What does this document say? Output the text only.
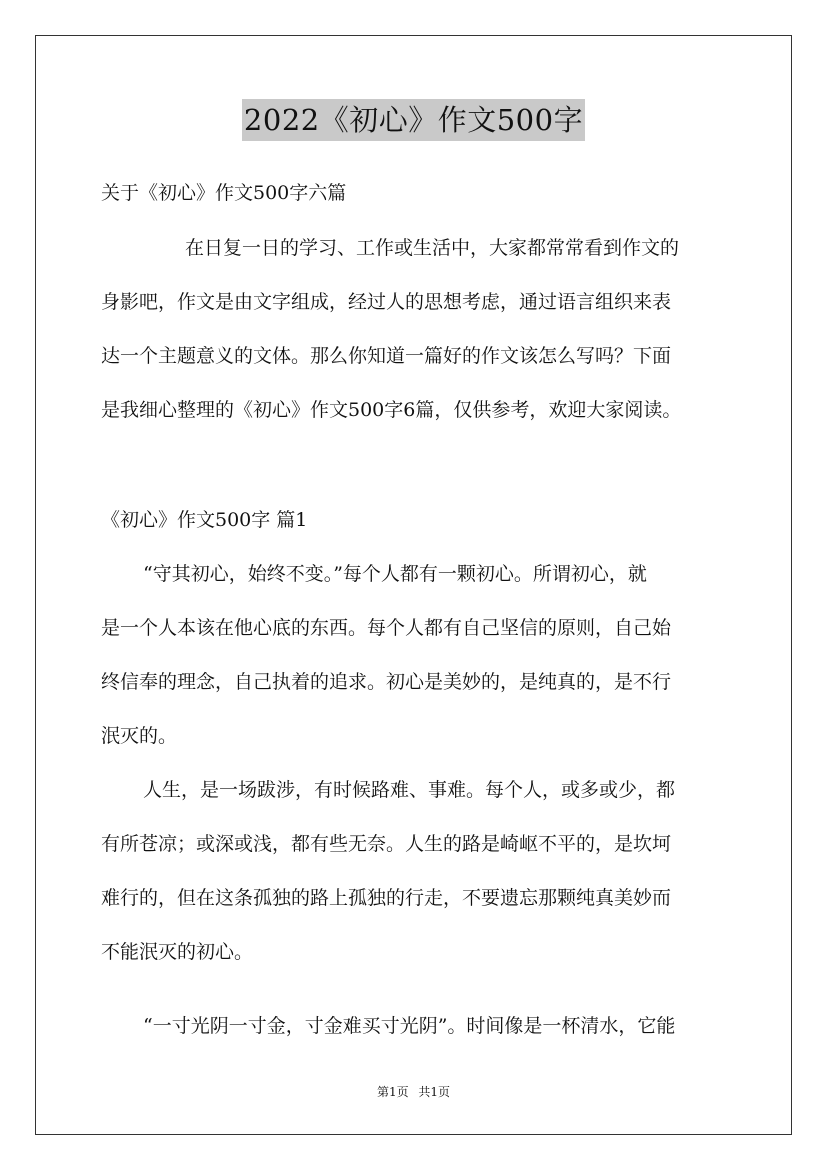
2022《初心》作文500字
关于《初心》作文500字六篇
在日复一日的学习、工作或生活中，大家都常常看到作文的
身影吧，作文是由文字组成，经过人的思想考虑，通过语言组织来表
达一个主题意义的文体。那么你知道一篇好的作文该怎么写吗？下面
是我细心整理的《初心》作文500字6篇，仅供参考，欢迎大家阅读。
《初心》作文500字 篇1
“守其初心，始终不变。”每个人都有一颗初心。所谓初心，就
是一个人本该在他心底的东西。每个人都有自己坚信的原则，自己始
终信奉的理念，自己执着的追求。初心是美妙的，是纯真的，是不行
泯灭的。
人生，是一场跋涉，有时候路难、事难。每个人，或多或少，都
有所苍凉；或深或浅，都有些无奈。人生的路是崎岖不平的，是坎坷
难行的，但在这条孤独的路上孤独的行走，不要遗忘那颗纯真美妙而
不能泯灭的初心。
“一寸光阴一寸金，寸金难买寸光阴”。时间像是一杯清水，它能
第1页 共1页
